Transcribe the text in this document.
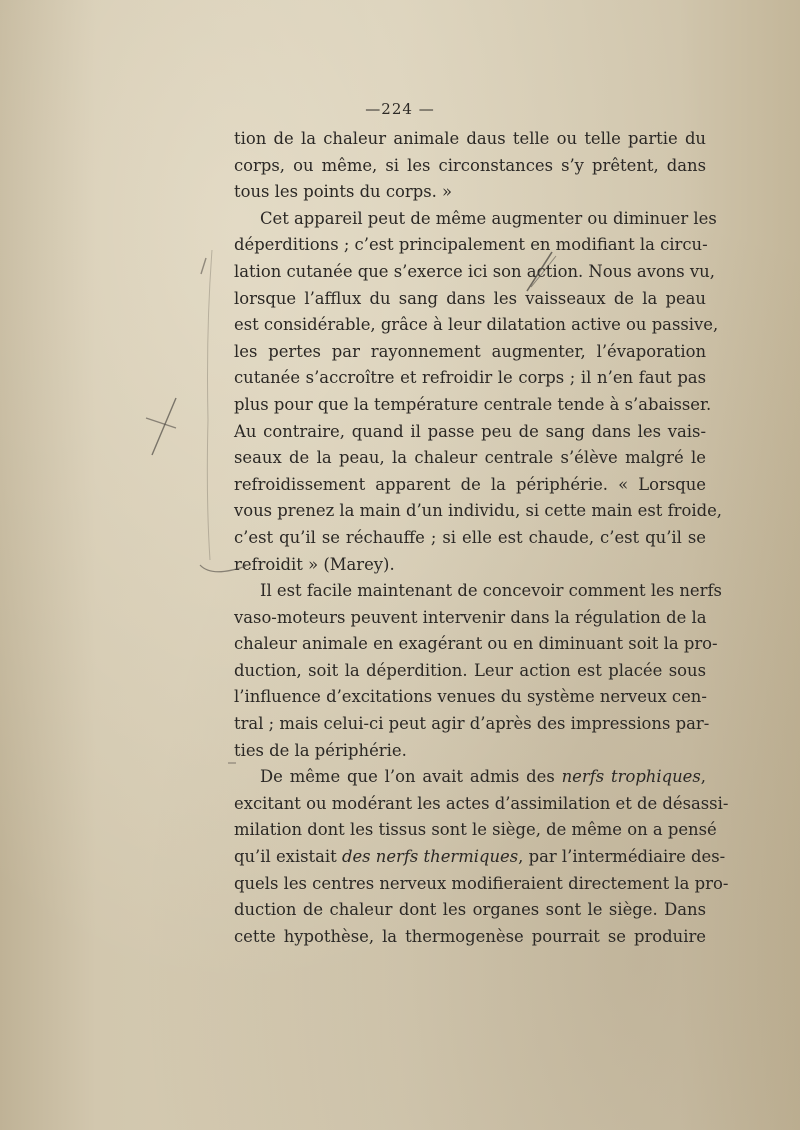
—224 —
tion de la chaleur animale daus telle ou telle partie du
corps, ou même, si les circonstances s’y prêtent, dans
tous les points du corps. »
Cet appareil peut de même augmenter ou diminuer les
déperditions ; c’est principalement en modifiant la circu-
lation cutanée que s’exerce ici son action. Nous avons vu,
lorsque l’afflux du sang dans les vaisseaux de la peau
est considérable, grâce à leur dilatation active ou passive,
les pertes par rayonnement augmenter, l’évaporation
cutanée s’accroître et refroidir le corps ; il n’en faut pas
plus pour que la température centrale tende à s’abaisser.
Au contraire, quand il passe peu de sang dans les vais-
seaux de la peau, la chaleur centrale s’élève malgré le
refroidissement apparent de la périphérie. « Lorsque
vous prenez la main d’un individu, si cette main est froide,
c’est qu’il se réchauffe ; si elle est chaude, c’est qu’il se
refroidit » (Marey).
Il est facile maintenant de concevoir comment les nerfs
vaso-moteurs peuvent intervenir dans la régulation de la
chaleur animale en exagérant ou en diminuant soit la pro-
duction, soit la déperdition. Leur action est placée sous
l’influence d’excitations venues du système nerveux cen-
tral ; mais celui-ci peut agir d’après des impressions par-
ties de la périphérie.
De même que l’on avait admis des nerfs trophiques,
excitant ou modérant les actes d’assimilation et de désassi-
milation dont les tissus sont le siège, de même on a pensé
qu’il existait des nerfs thermiques, par l’intermédiaire des-
quels les centres nerveux modifieraient directement la pro-
duction de chaleur dont les organes sont le siège. Dans
cette hypothèse, la thermogenèse pourrait se produire
